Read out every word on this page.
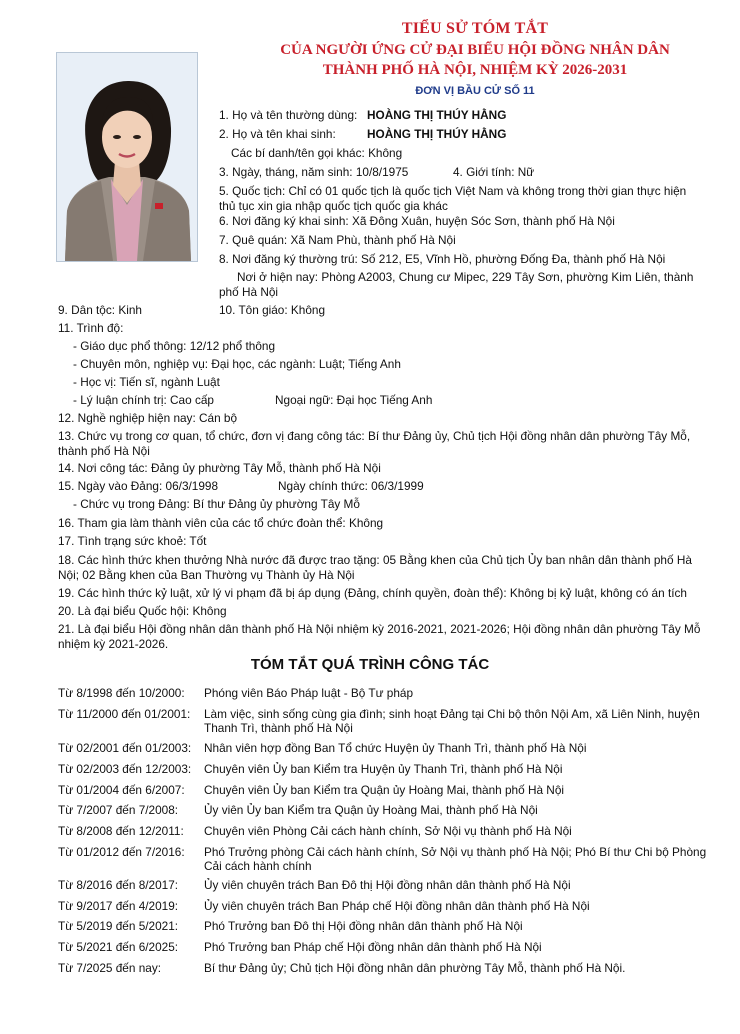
TIỂU SỬ TÓM TẮT
CỦA NGƯỜI ỨNG CỬ ĐẠI BIỂU HỘI ĐỒNG NHÂN DÂN
THÀNH PHỐ HÀ NỘI, NHIỆM KỲ 2026-2031
ĐƠN VỊ BẦU CỬ SỐ 11
1. Họ và tên thường dùng: HOÀNG THỊ THÚY HẰNG
2. Họ và tên khai sinh:	HOÀNG THỊ THÚY HẰNG
Các bí danh/tên gọi khác: Không
3. Ngày, tháng, năm sinh: 10/8/1975	4. Giới tính: Nữ
5. Quốc tịch: Chỉ có 01 quốc tịch là quốc tịch Việt Nam và không trong thời gian thực hiện thủ tục xin gia nhập quốc tịch quốc gia khác
6. Nơi đăng ký khai sinh: Xã Đông Xuân, huyện Sóc Sơn, thành phố Hà Nội
7. Quê quán: Xã Nam Phù, thành phố Hà Nội
8. Nơi đăng ký thường trú: Số 212, E5, Vĩnh Hồ, phường Đống Đa, thành phố Hà Nội
Nơi ở hiện nay: Phòng A2003, Chung cư Mipec, 229 Tây Sơn, phường Kim Liên, thành phố Hà Nội
9. Dân tộc: Kinh	10. Tôn giáo: Không
11. Trình độ:
- Giáo dục phổ thông: 12/12 phổ thông
- Chuyên môn, nghiệp vụ: Đại học, các ngành: Luật; Tiếng Anh
- Học vị: Tiến sĩ, ngành Luật
- Lý luận chính trị: Cao cấp	Ngoại ngữ: Đại học Tiếng Anh
12. Nghề nghiệp hiện nay: Cán bộ
13. Chức vụ trong cơ quan, tổ chức, đơn vị đang công tác: Bí thư Đảng ủy, Chủ tịch Hội đồng nhân dân phường Tây Mỗ, thành phố Hà Nội
14. Nơi công tác: Đảng ủy phường Tây Mỗ, thành phố Hà Nội
15. Ngày vào Đảng: 06/3/1998	Ngày chính thức: 06/3/1999
- Chức vụ trong Đảng: Bí thư Đảng ủy phường Tây Mỗ
16. Tham gia làm thành viên của các tổ chức đoàn thể: Không
17. Tình trạng sức khoẻ: Tốt
18. Các hình thức khen thưởng Nhà nước đã được trao tặng: 05 Bằng khen của Chủ tịch Ủy ban nhân dân thành phố Hà Nội; 02 Bằng khen của Ban Thường vụ Thành ủy Hà Nội
19. Các hình thức kỷ luật, xử lý vi phạm đã bị áp dụng (Đảng, chính quyền, đoàn thể): Không bị kỷ luật, không có án tích
20. Là đại biểu Quốc hội: Không
21. Là đại biểu Hội đồng nhân dân thành phố Hà Nội nhiệm kỳ 2016-2021, 2021-2026; Hội đồng nhân dân phường Tây Mỗ nhiệm kỳ 2021-2026.
TÓM TẮT QUÁ TRÌNH CÔNG TÁC
Từ 8/1998 đến 10/2000:	Phóng viên Báo Pháp luật - Bộ Tư pháp
Từ 11/2000 đến 01/2001:	Làm việc, sinh sống cùng gia đình; sinh hoạt Đảng tại Chi bộ thôn Nội Am, xã Liên Ninh, huyện Thanh Trì, thành phố Hà Nội
Từ 02/2001 đến 01/2003:	Nhân viên hợp đồng Ban Tổ chức Huyện ủy Thanh Trì, thành phố Hà Nội
Từ 02/2003 đến 12/2003:	Chuyên viên Ủy ban Kiểm tra Huyện ủy Thanh Trì, thành phố Hà Nội
Từ 01/2004 đến 6/2007:	Chuyên viên Ủy ban Kiểm tra Quận ủy Hoàng Mai, thành phố Hà Nội
Từ 7/2007 đến 7/2008:	Ủy viên Ủy ban Kiểm tra Quận ủy Hoàng Mai, thành phố Hà Nội
Từ 8/2008 đến 12/2011:	Chuyên viên Phòng Cải cách hành chính, Sở Nội vụ thành phố Hà Nội
Từ 01/2012 đến 7/2016:	Phó Trưởng phòng Cải cách hành chính, Sở Nội vụ thành phố Hà Nội; Phó Bí thư Chi bộ Phòng Cải cách hành chính
Từ 8/2016 đến 8/2017:	Ủy viên chuyên trách Ban Đô thị Hội đồng nhân dân thành phố Hà Nội
Từ 9/2017 đến 4/2019:	Ủy viên chuyên trách Ban Pháp chế Hội đồng nhân dân thành phố Hà Nội
Từ 5/2019 đến 5/2021:	Phó Trưởng ban Đô thị Hội đồng nhân dân thành phố Hà Nội
Từ 5/2021 đến 6/2025:	Phó Trưởng ban Pháp chế Hội đồng nhân dân thành phố Hà Nội
Từ 7/2025 đến nay:	Bí thư Đảng ủy; Chủ tịch Hội đồng nhân dân phường Tây Mỗ, thành phố Hà Nội.
